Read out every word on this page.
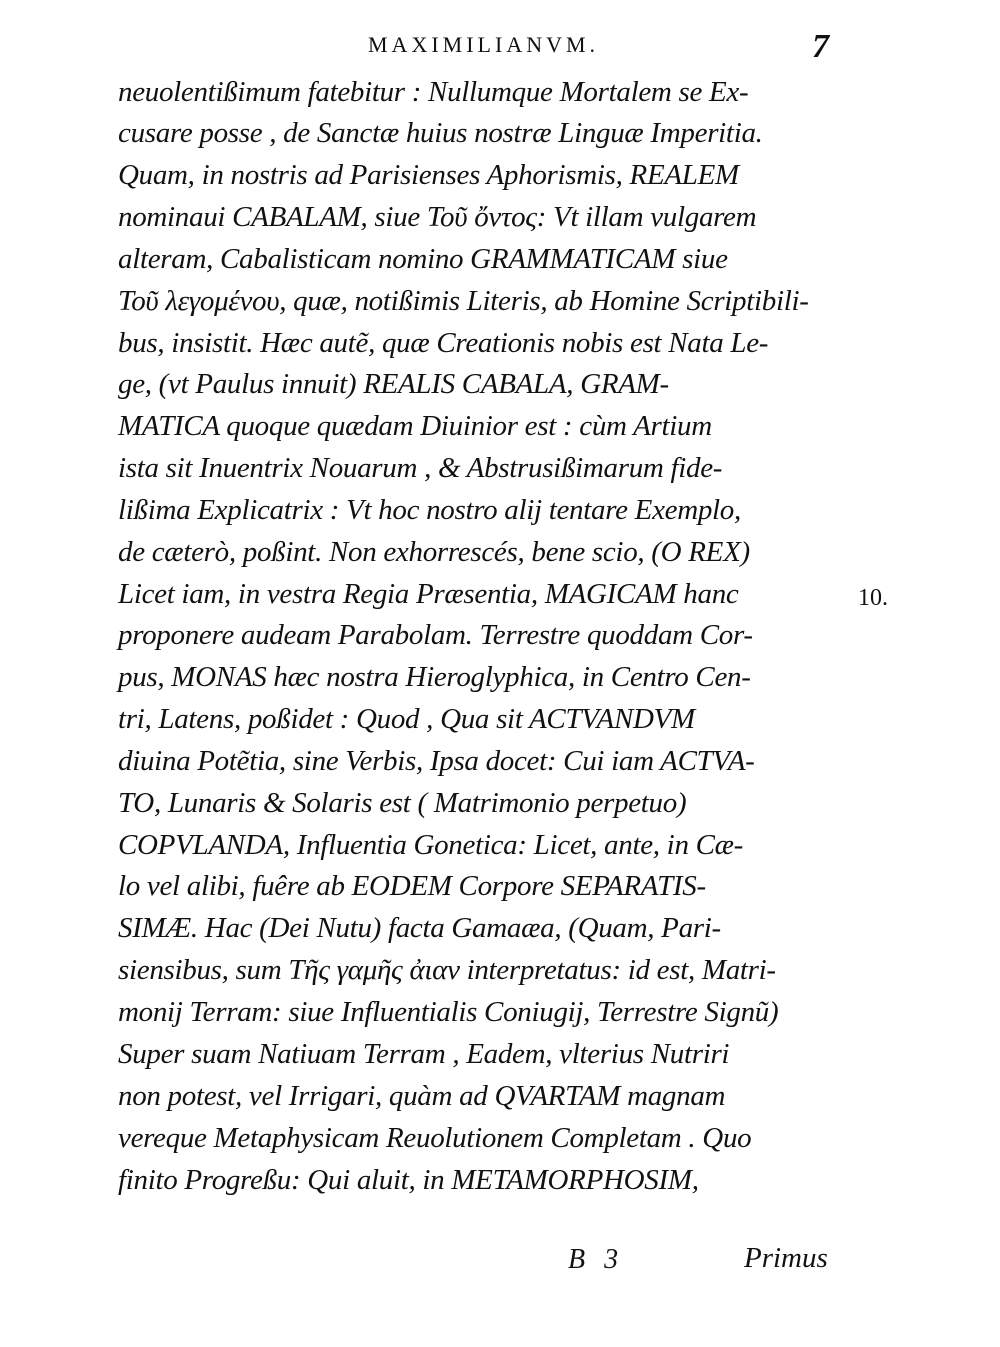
MAXIMILIANVM.	7
neuolentißimum fatebitur : Nullumque Mortalem se Ex-
cusare posse , de Sanctæ huius nostræ Linguæ Imperitia.
Quam, in nostris ad Parisienses Aphorismis, REALEM
nominaui CABALAM, siue Τοῦ ὄντος: Vt illam vulgarem
alteram, Cabalisticam nomino GRAMMATICAM siue
Τοῦ λεγομένου, quæ, notißimis Literis, ab Homine Scriptibili-
bus, insistit. Hæc autẽ, quæ Creationis nobis est Nata Le-
ge, (vt Paulus innuit) REALIS CABALA, GRAM-
MATICA quoque quædam Diuinior est : cùm Artium
ista sit Inuentrix Nouarum , & Abstrusißimarum fide-
lißima Explicatrix : Vt hoc nostro alij tentare Exemplo,
de cæterò, poßint. Non exhorrescés, bene scio, (O REX)
Licet iam, in vestra Regia Præsentia, MAGICAM hanc
proponere audeam Parabolam. Terrestre quoddam Cor-
pus, MONAS hæc nostra Hieroglyphica, in Centro Cen-
tri, Latens, poßidet : Quod , Qua sit ACTVANDVM
diuina Potẽtia, sine Verbis, Ipsa docet: Cui iam ACTVA-
TO, Lunaris & Solaris est ( Matrimonio perpetuo)
COPVLANDA, Influentia Gonetica: Licet, ante, in Cæ-
lo vel alibi, fuêre ab EODEM Corpore SEPARATIS-
SIMÆ. Hac (Dei Nutu) facta Gamaæa, (Quam, Pari-
siensibus, sum Τῆς γαμῆς ἀιαν interpretatus: id est, Matri-
monij Terram: siue Influentialis Coniugij, Terrestre Signũ)
Super suam Natiuam Terram , Eadem, vlterius Nutriri
non potest, vel Irrigari, quàm ad QVARTAM magnam
vereque Metaphysicam Reuolutionem Completam . Quo
finito Progreßu: Qui aluit, in METAMORPHOSIM,
10.
B 3	Primus
